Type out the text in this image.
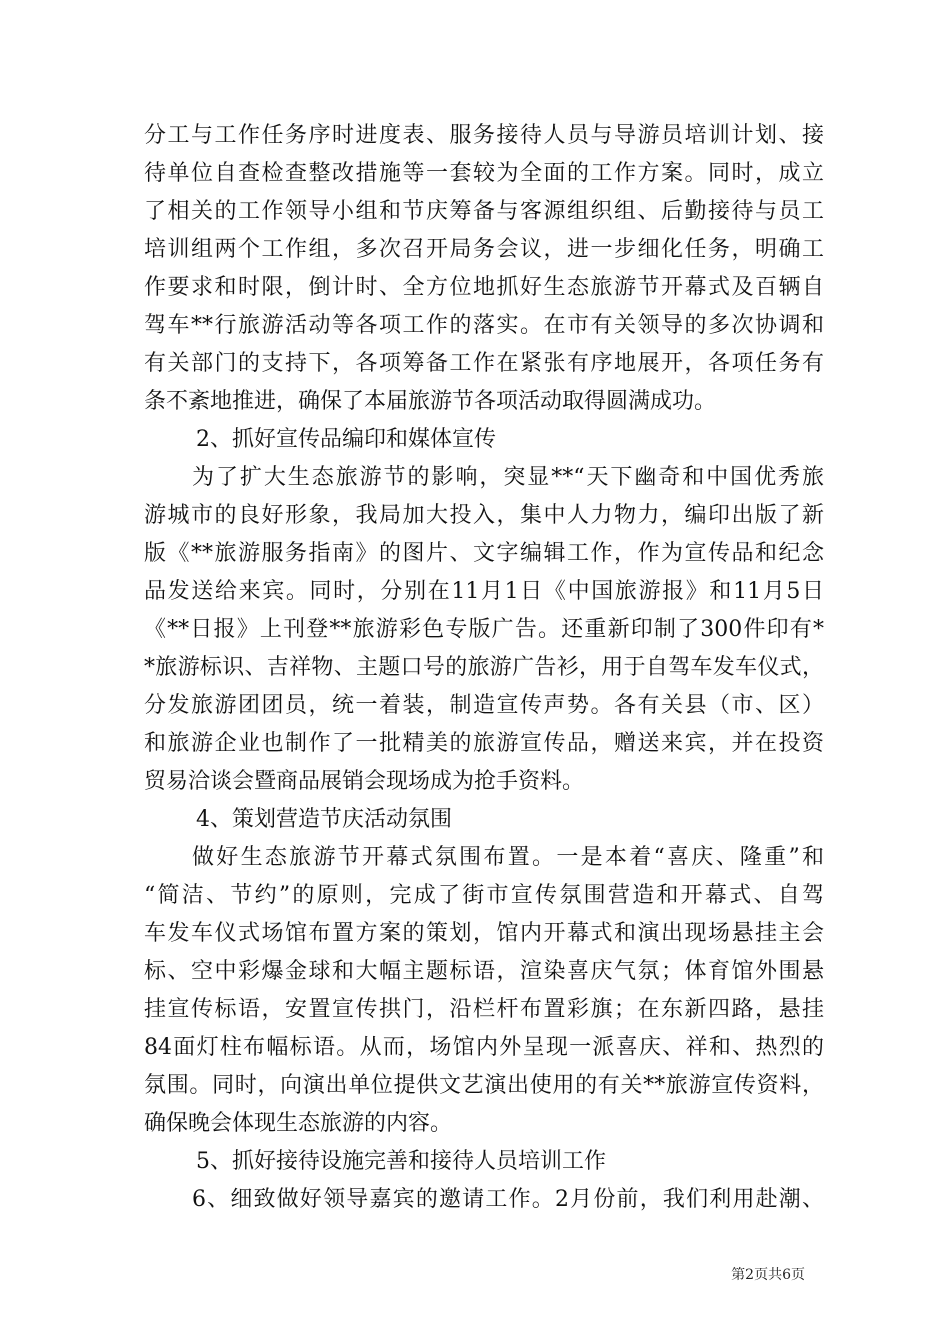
分工与工作任务序时进度表、服务接待人员与导游员培训计划、接
待单位自查检查整改措施等一套较为全面的工作方案。同时，成立
了相关的工作领导小组和节庆筹备与客源组织组、后勤接待与员工
培训组两个工作组，多次召开局务会议，进一步细化任务，明确工
作要求和时限，倒计时、全方位地抓好生态旅游节开幕式及百辆自
驾车**行旅游活动等各项工作的落实。在市有关领导的多次协调和
有关部门的支持下，各项筹备工作在紧张有序地展开，各项任务有
条不紊地推进，确保了本届旅游节各项活动取得圆满成功。
2、抓好宣传品编印和媒体宣传
为了扩大生态旅游节的影响，突显**“天下幽奇和中国优秀旅
游城市的良好形象，我局加大投入，集中人力物力，编印出版了新
版《**旅游服务指南》的图片、文字编辑工作，作为宣传品和纪念
品发送给来宾。同时，分别在11月1日《中国旅游报》和11月5日
《**日报》上刊登**旅游彩色专版广告。还重新印制了300件印有*
*旅游标识、吉祥物、主题口号的旅游广告衫，用于自驾车发车仪式，
分发旅游团团员，统一着装，制造宣传声势。各有关县（市、区）
和旅游企业也制作了一批精美的旅游宣传品，赠送来宾，并在投资
贸易洽谈会暨商品展销会现场成为抢手资料。
4、策划营造节庆活动氛围
做好生态旅游节开幕式氛围布置。一是本着“喜庆、隆重”和
“简洁、节约”的原则，完成了街市宣传氛围营造和开幕式、自驾
车发车仪式场馆布置方案的策划，馆内开幕式和演出现场悬挂主会
标、空中彩爆金球和大幅主题标语，渲染喜庆气氛；体育馆外围悬
挂宣传标语，安置宣传拱门，沿栏杆布置彩旗；在东新四路，悬挂
84面灯柱布幅标语。从而，场馆内外呈现一派喜庆、祥和、热烈的
氛围。同时，向演出单位提供文艺演出使用的有关**旅游宣传资料，
确保晚会体现生态旅游的内容。
5、抓好接待设施完善和接待人员培训工作
6、细致做好领导嘉宾的邀请工作。2月份前，我们利用赴潮、
第2页共6页
